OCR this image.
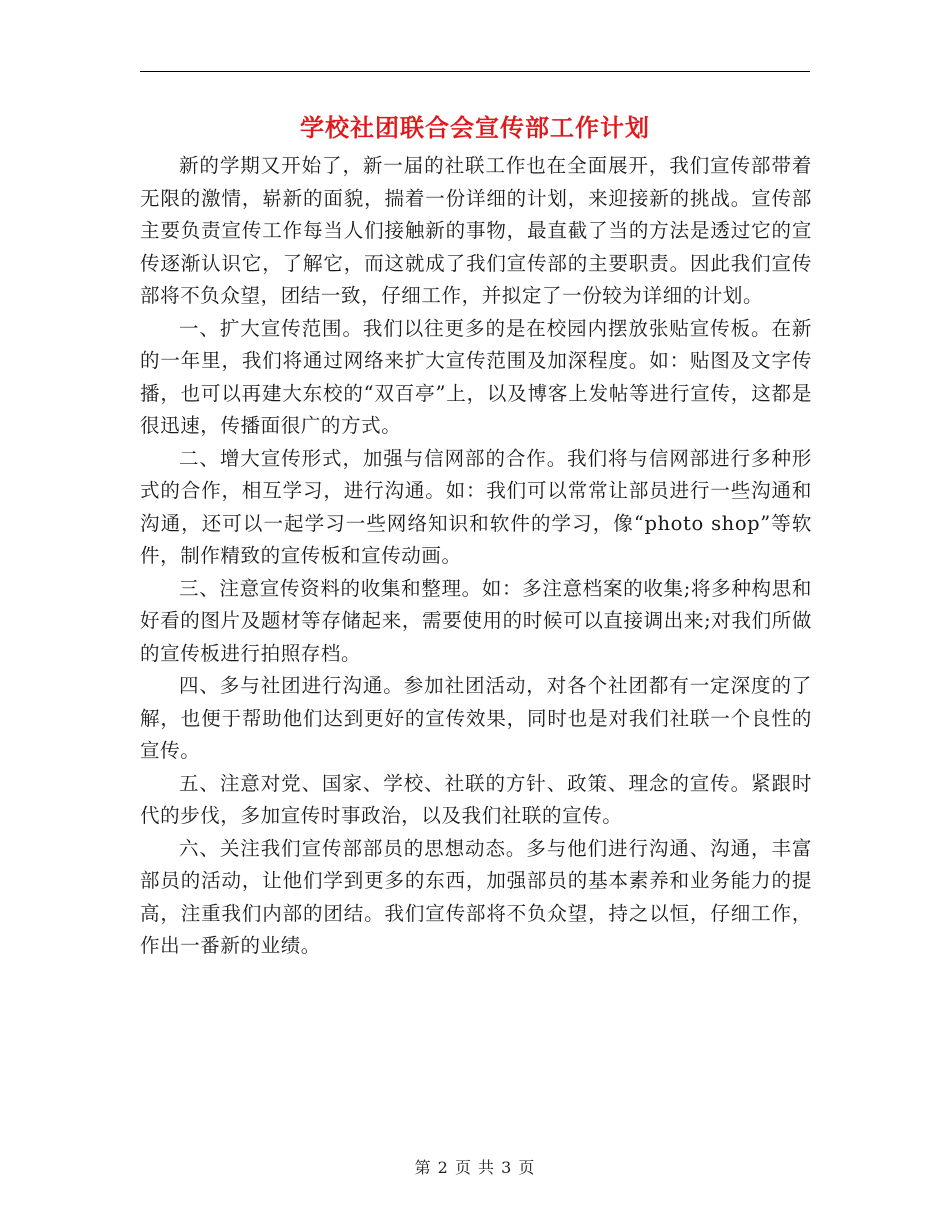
学校社团联合会宣传部工作计划

新的学期又开始了，新一届的社联工作也在全面展开，我们宣传部带着无限的激情，崭新的面貌，揣着一份详细的计划，来迎接新的挑战。宣传部主要负责宣传工作每当人们接触新的事物，最直截了当的方法是透过它的宣传逐渐认识它，了解它，而这就成了我们宣传部的主要职责。因此我们宣传部将不负众望，团结一致，仔细工作，并拟定了一份较为详细的计划。

一、扩大宣传范围。我们以往更多的是在校园内摆放张贴宣传板。在新的一年里，我们将通过网络来扩大宣传范围及加深程度。如：贴图及文字传播，也可以再建大东校的“双百亭”上，以及博客上发帖等进行宣传，这都是很迅速，传播面很广的方式。

二、增大宣传形式，加强与信网部的合作。我们将与信网部进行多种形式的合作，相互学习，进行沟通。如：我们可以常常让部员进行一些沟通和沟通，还可以一起学习一些网络知识和软件的学习，像“photo shop”等软件，制作精致的宣传板和宣传动画。

三、注意宣传资料的收集和整理。如：多注意档案的收集;将多种构思和好看的图片及题材等存储起来，需要使用的时候可以直接调出来;对我们所做的宣传板进行拍照存档。

四、多与社团进行沟通。参加社团活动，对各个社团都有一定深度的了解，也便于帮助他们达到更好的宣传效果，同时也是对我们社联一个良性的宣传。

五、注意对党、国家、学校、社联的方针、政策、理念的宣传。紧跟时代的步伐，多加宣传时事政治，以及我们社联的宣传。

六、关注我们宣传部部员的思想动态。多与他们进行沟通、沟通，丰富部员的活动，让他们学到更多的东西，加强部员的基本素养和业务能力的提高，注重我们内部的团结。我们宣传部将不负众望，持之以恒，仔细工作，作出一番新的业绩。

第 2 页 共 3 页
